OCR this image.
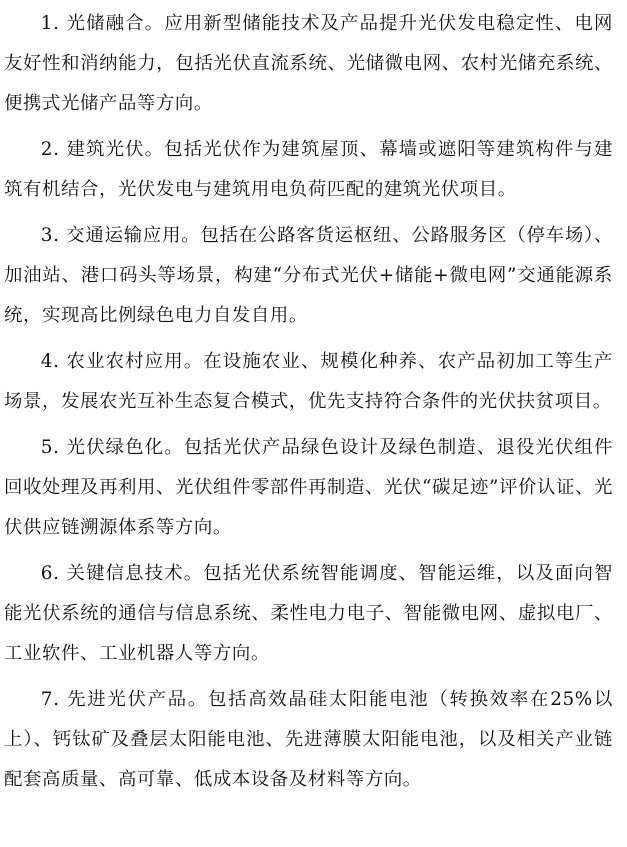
1. 光储融合。应用新型储能技术及产品提升光伏发电稳定性、电网友好性和消纳能力，包括光伏直流系统、光储微电网、农村光储充系统、便携式光储产品等方向。

2. 建筑光伏。包括光伏作为建筑屋顶、幕墙或遮阳等建筑构件与建筑有机结合，光伏发电与建筑用电负荷匹配的建筑光伏项目。

3. 交通运输应用。包括在公路客货运枢纽、公路服务区（停车场）、加油站、港口码头等场景，构建“分布式光伏+储能+微电网”交通能源系统，实现高比例绿色电力自发自用。

4. 农业农村应用。在设施农业、规模化种养、农产品初加工等生产场景，发展农光互补生态复合模式，优先支持符合条件的光伏扶贫项目。

5. 光伏绿色化。包括光伏产品绿色设计及绿色制造、退役光伏组件回收处理及再利用、光伏组件零部件再制造、光伏“碳足迹”评价认证、光伏供应链溯源体系等方向。

6. 关键信息技术。包括光伏系统智能调度、智能运维，以及面向智能光伏系统的通信与信息系统、柔性电力电子、智能微电网、虚拟电厂、工业软件、工业机器人等方向。

7. 先进光伏产品。包括高效晶硅太阳能电池（转换效率在25%以上）、钙钛矿及叠层太阳能电池、先进薄膜太阳能电池，以及相关产业链配套高质量、高可靠、低成本设备及材料等方向。
